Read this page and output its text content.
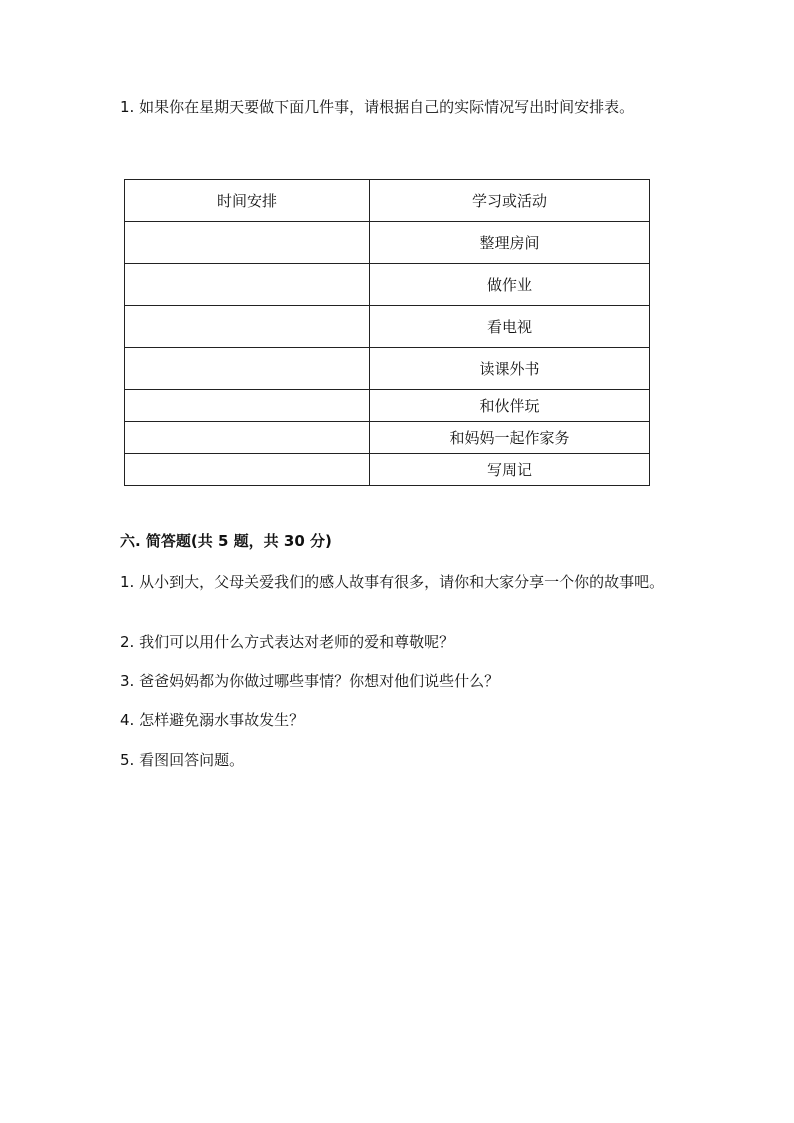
1. 如果你在星期天要做下面几件事，请根据自己的实际情况写出时间安排表。
时间安排	学习或活动
	整理房间
	做作业
	看电视
	读课外书
	和伙伴玩
	和妈妈一起作家务
	写周记
六. 简答题(共 5 题，共 30 分)
1. 从小到大，父母关爱我们的感人故事有很多，请你和大家分享一个你的故事吧。
2. 我们可以用什么方式表达对老师的爱和尊敬呢？
3. 爸爸妈妈都为你做过哪些事情？你想对他们说些什么？
4. 怎样避免溺水事故发生？
5. 看图回答问题。
